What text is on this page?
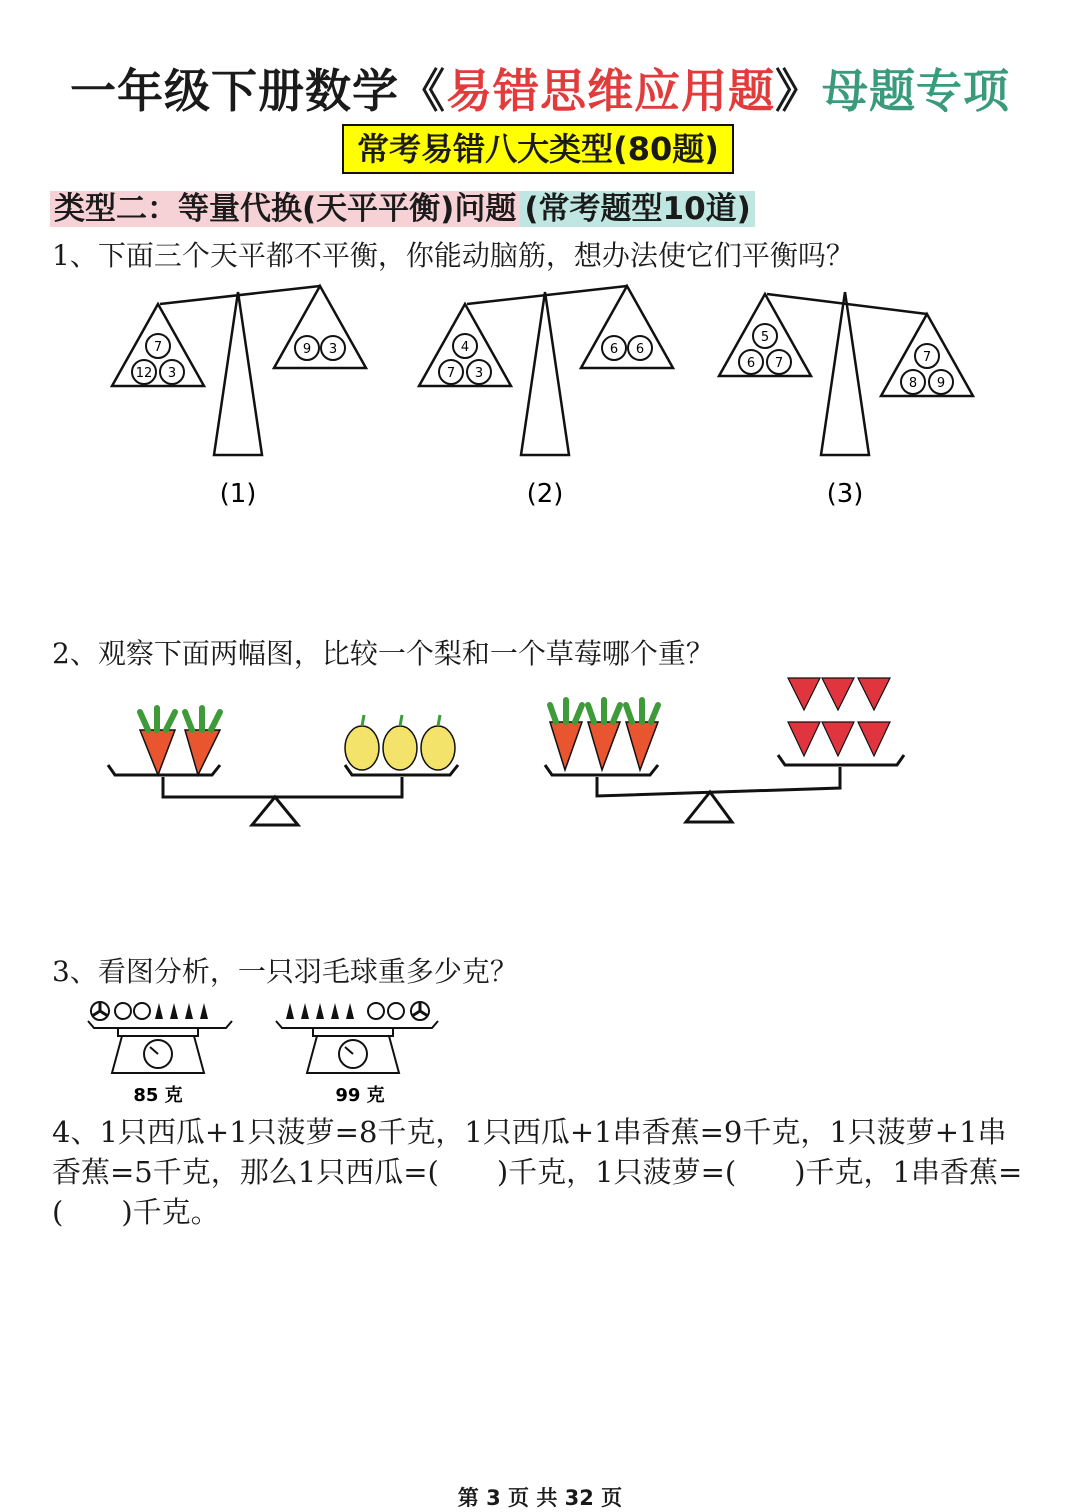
一年级下册数学《易错思维应用题》母题专项
常考易错八大类型(80题)
类型二：等量代换(天平平衡)问题 (常考题型10道)
1、下面三个天平都不平衡，你能动脑筋，想办法使它们平衡吗？
7
12 3
9 3
(1)
4
7 3
6 6
(2)
5
6 7	7
8 9
(3)
2、观察下面两幅图，比较一个梨和一个草莓哪个重？
3、看图分析，一只羽毛球重多少克？
85 克	99 克
4、1只西瓜+1只菠萝=8千克，1只西瓜+1串香蕉=9千克，1只菠萝+1串香蕉=5千克，那么1只西瓜=(　　)千克，1只菠萝=(　　)千克，1串香蕉=(　　)千克。
第 3 页 共 32 页
